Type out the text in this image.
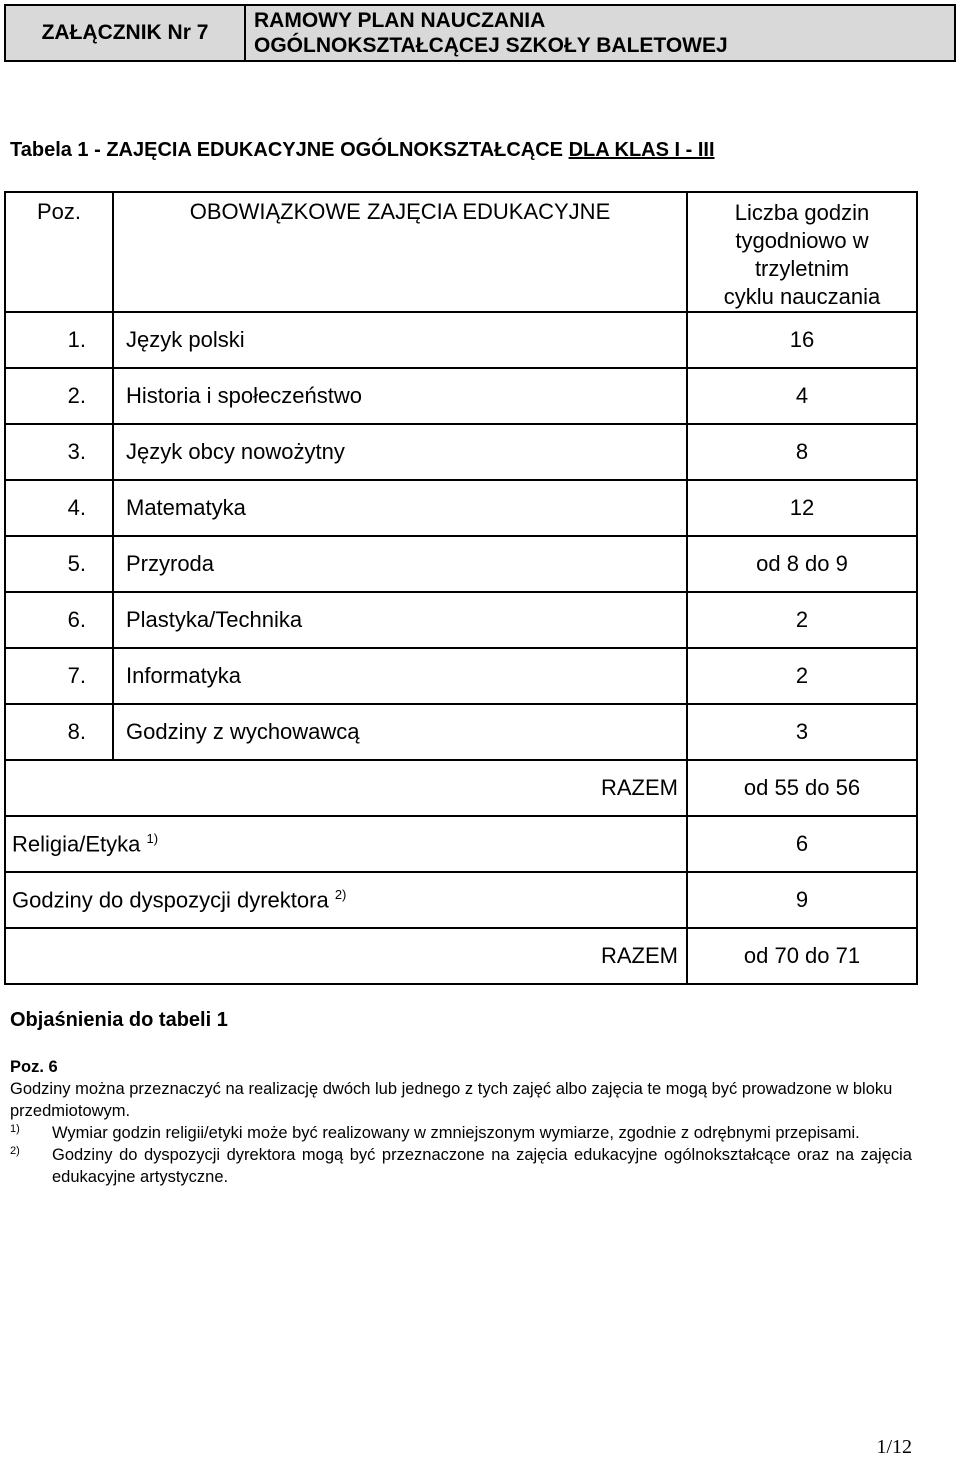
ZAŁĄCZNIK Nr 7
RAMOWY PLAN NAUCZANIA
OGÓLNOKSZTAŁCĄCEJ SZKOŁY BALETOWEJ
Tabela 1 - ZAJĘCIA EDUKACYJNE OGÓLNOKSZTAŁCĄCE DLA KLAS I - III
Poz.	OBOWIĄZKOWE ZAJĘCIA EDUKACYJNE	Liczba godzin
tygodniowo w trzyletnim
cyklu nauczania

1.	Język polski	16
2.	Historia i społeczeństwo	4
3.	Język obcy nowożytny	8
4.	Matematyka	12
5.	Przyroda	od 8 do 9
6.	Plastyka/Technika	2
7.	Informatyka	2
8.	Godziny z wychowawcą	3
	RAZEM	od 55 do 56
Religia/Etyka $^{1)}$		6
Godziny do dyspozycji dyrektora $^{2)}$		9
	RAZEM	od 70 do 71
Objaśnienia do tabeli 1
Poz. 6
Godziny można przeznaczyć na realizację dwóch lub jednego z tych zajęć albo zajęcia te mogą być prowadzone w bloku przedmiotowym.
1)	Wymiar godzin religii/etyki może być realizowany w zmniejszonym wymiarze, zgodnie z odrębnymi przepisami.
2)	Godziny do dyspozycji dyrektora mogą być przeznaczone na zajęcia edukacyjne ogólnokształcące oraz na zajęcia edukacyjne artystyczne.
1/12
